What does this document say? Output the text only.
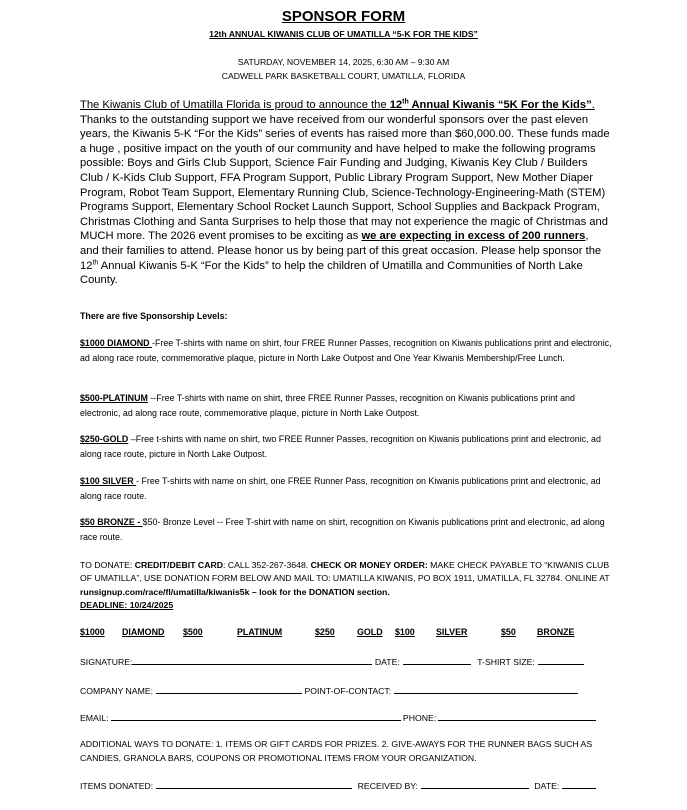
SPONSOR FORM
12th ANNUAL KIWANIS CLUB OF UMATILLA “5-K FOR THE KIDS”
SATURDAY, NOVEMBER 14, 2025, 6:30 AM – 9:30 AM
CADWELL PARK BASKETBALL COURT, UMATILLA, FLORIDA
The Kiwanis Club of Umatilla Florida is proud to announce the 12th Annual Kiwanis “5K For the Kids”. Thanks to the outstanding support we have received from our wonderful sponsors over the past eleven years, the Kiwanis 5-K “For the Kids” series of events has raised more than $60,000.00. These funds made a huge , positive impact on the youth of our community and have helped to make the following programs possible: Boys and Girls Club Support, Science Fair Funding and Judging, Kiwanis Key Club / Builders Club / K-Kids Club Support, FFA Program Support, Public Library Program Support, New Mother Diaper Program, Robot Team Support, Elementary Running Club, Science-Technology-Engineering-Math (STEM) Programs Support, Elementary School Rocket Launch Support, School Supplies and Backpack Program, Christmas Clothing and Santa Surprises to help those that may not experience the magic of Christmas and MUCH more. The 2026 event promises to be exciting as we are expecting in excess of 200 runners, and their families to attend. Please honor us by being part of this great occasion. Please help sponsor the 12th Annual Kiwanis 5-K “For the Kids” to help the children of Umatilla and Communities of North Lake County.
There are five Sponsorship Levels:
$1000 DIAMOND -Free T-shirts with name on shirt, four FREE Runner Passes, recognition on Kiwanis publications print and electronic, ad along race route, commemorative plaque, picture in North Lake Outpost and One Year Kiwanis Membership/Free Lunch.
$500-PLATINUM --Free T-shirts with name on shirt, three FREE Runner Passes, recognition on Kiwanis publications print and electronic, ad along race route, commemorative plaque, picture in North Lake Outpost.
$250-GOLD –Free t-shirts with name on shirt, two FREE Runner Passes, recognition on Kiwanis publications print and electronic, ad along race route, picture in North Lake Outpost.
$100 SILVER - Free T-shirts with name on shirt, one FREE Runner Pass, recognition on Kiwanis publications print and electronic, ad along race route.
$50 BRONZE - $50- Bronze Level -- Free T-shirt with name on shirt, recognition on Kiwanis publications print and electronic, ad along race route.
TO DONATE: CREDIT/DEBIT CARD: CALL 352-267-3648. CHECK OR MONEY ORDER: MAKE CHECK PAYABLE TO “KIWANIS CLUB OF UMATILLA”, USE DONATION FORM BELOW AND MAIL TO: UMATILLA KIWANIS, PO BOX 1911, UMATILLA, FL 32784. ONLINE AT runsignup.com/race/fl/umatilla/kiwanis5k – look for the DONATION section.
DEADLINE: 10/24/2025
$1000 DIAMOND $500	PLATINUM	$250	GOLD $100 SILVER	$50 BRONZE
SIGNATURE:	DATE:	T-SHIRT SIZE:
COMPANY NAME:	POINT-OF-CONTACT:
EMAIL:	PHONE:
ADDITIONAL WAYS TO DONATE: 1. ITEMS OR GIFT CARDS FOR PRIZES. 2. GIVE-AWAYS FOR THE RUNNER BAGS SUCH AS CANDIES, GRANOLA BARS, COUPONS OR PROMOTIONAL ITEMS FROM YOUR ORGANIZATION.
ITEMS DONATED:	RECEIVED BY:	DATE:
